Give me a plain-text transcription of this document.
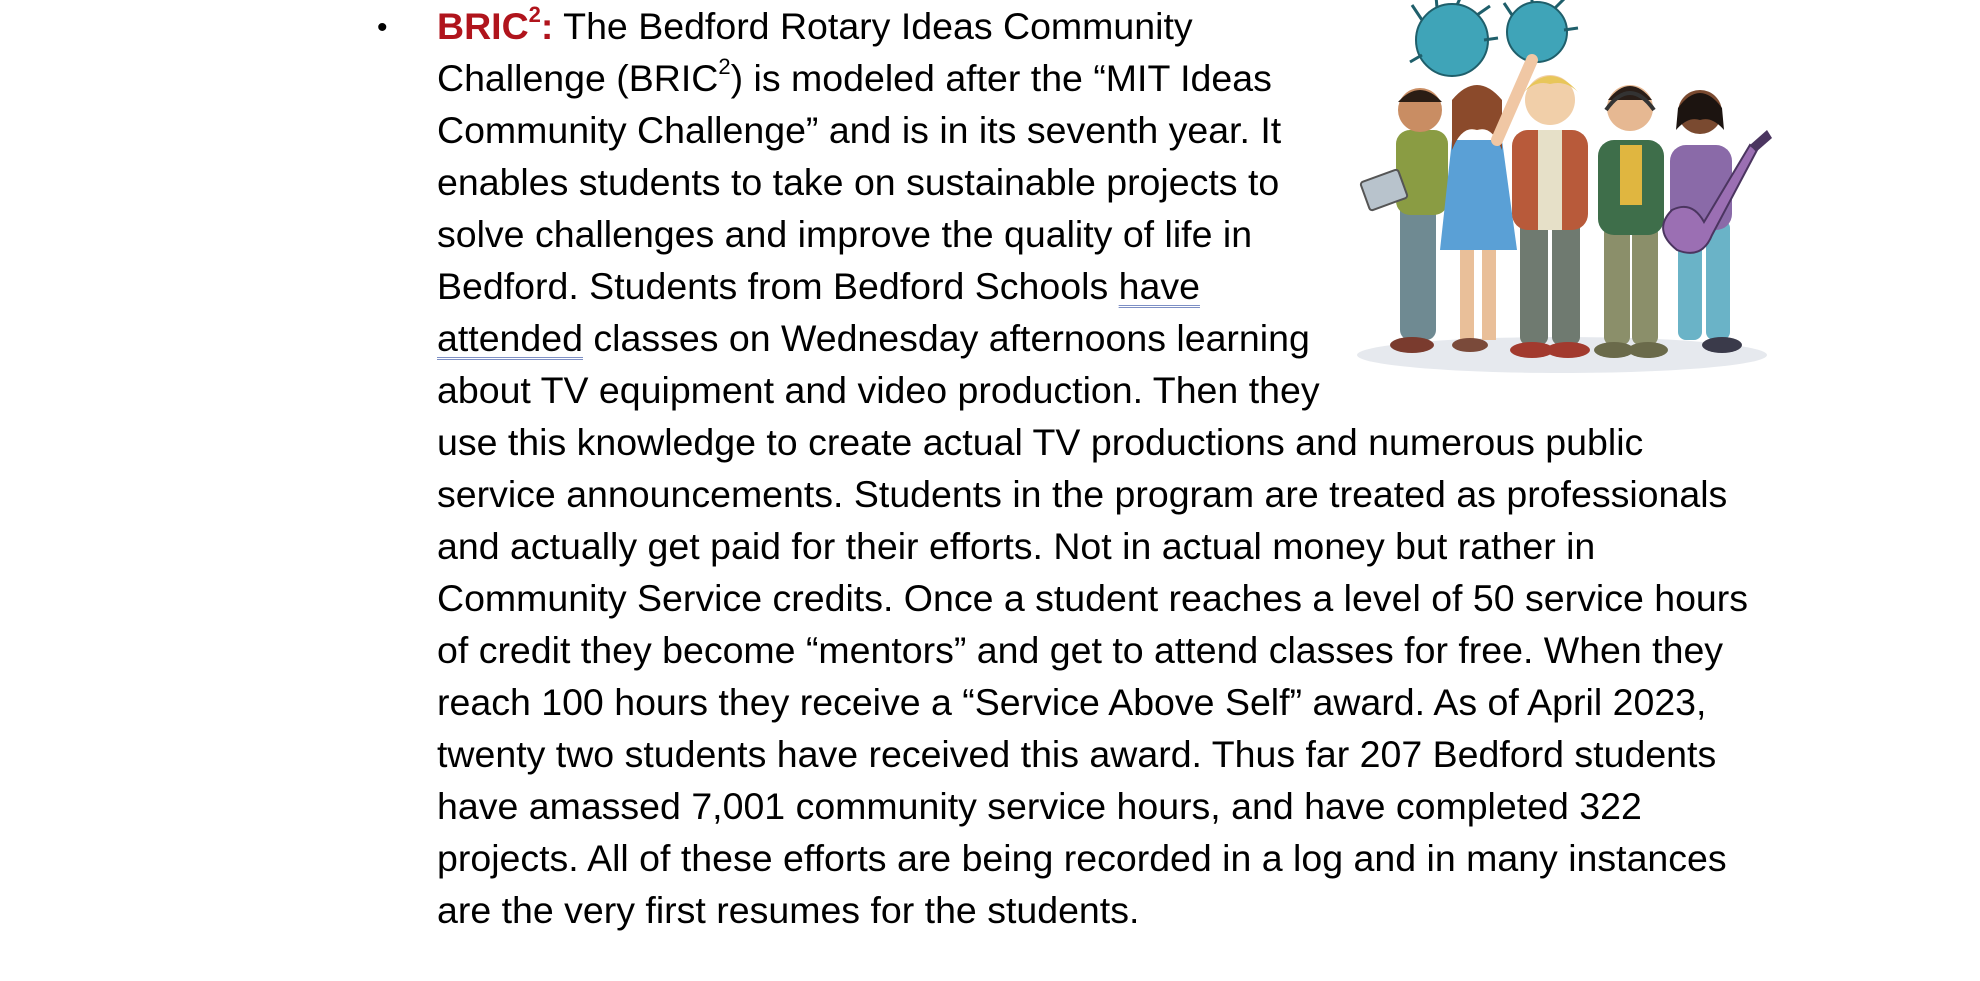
• BRIC$^2$: The Bedford Rotary Ideas Community Challenge (BRIC$^2$) is modeled after the “MIT Ideas Community Challenge” and is in its seventh year. It enables students to take on sustainable projects to solve challenges and improve the quality of life in Bedford. Students from Bedford Schools have attended classes on Wednesday afternoons learning about TV equipment and video production. Then they use this knowledge to create actual TV productions and numerous public service announcements. Students in the program are treated as professionals and actually get paid for their efforts. Not in actual money but rather in Community Service credits. Once a student reaches a level of 50 service hours of credit they become “mentors” and get to attend classes for free. When they reach 100 hours they receive a “Service Above Self” award. As of April 2023, twenty two students have received this award. Thus far 207 Bedford students have amassed 7,001 community service hours, and have completed 322 projects. All of these efforts are being recorded in a log and in many instances are the very first resumes for the students.
